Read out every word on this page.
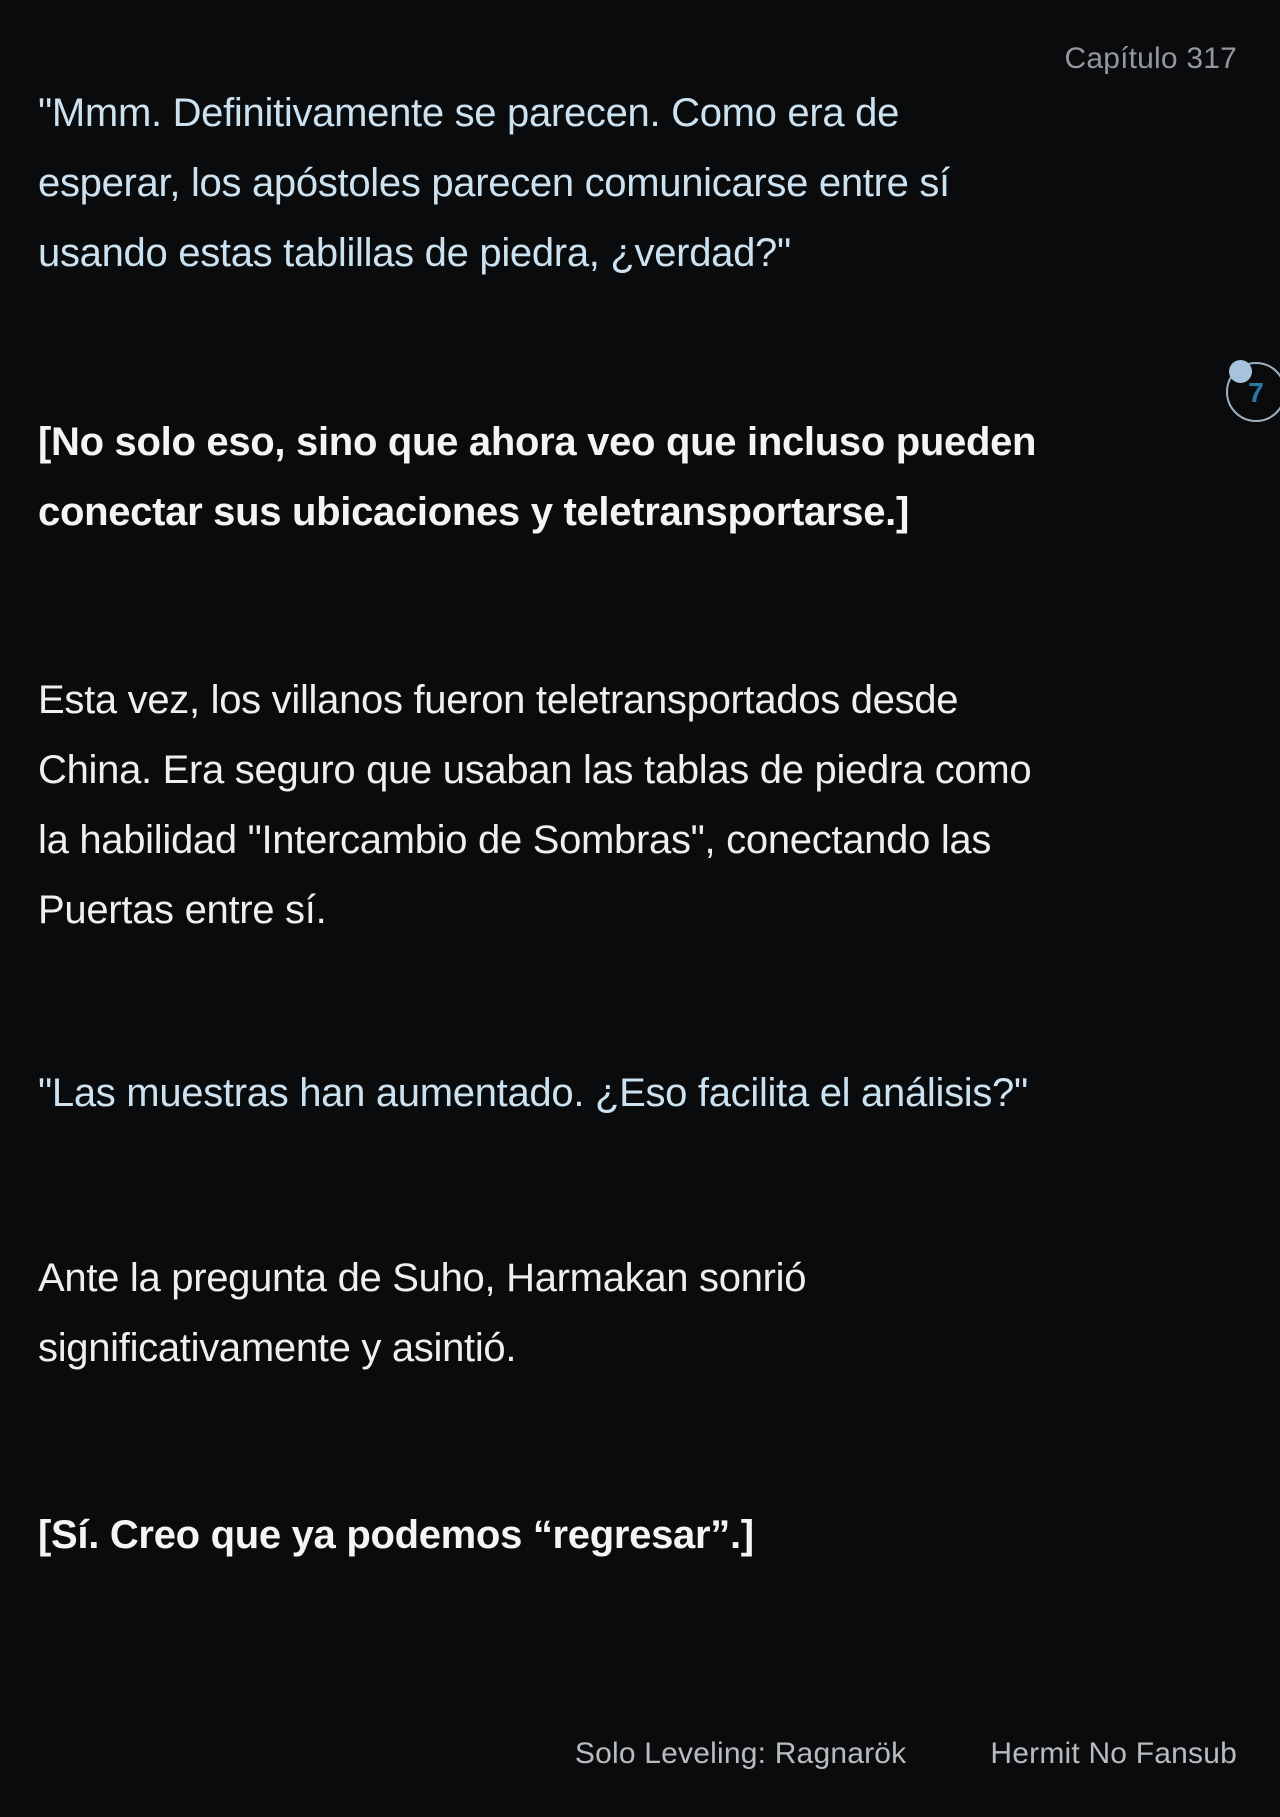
Capítulo 317

"Mmm. Definitivamente se parecen. Como era de
esperar, los apóstoles parecen comunicarse entre sí
usando estas tablillas de piedra, ¿verdad?"

[No solo eso, sino que ahora veo que incluso pueden
conectar sus ubicaciones y teletransportarse.]

Esta vez, los villanos fueron teletransportados desde
China. Era seguro que usaban las tablas de piedra como
la habilidad "Intercambio de Sombras", conectando las
Puertas entre sí.

"Las muestras han aumentado. ¿Eso facilita el análisis?"

Ante la pregunta de Suho, Harmakan sonrió
significativamente y asintió.

[Sí. Creo que ya podemos “regresar”.]

7
Solo Leveling: Ragnarök	Hermit No Fansub
